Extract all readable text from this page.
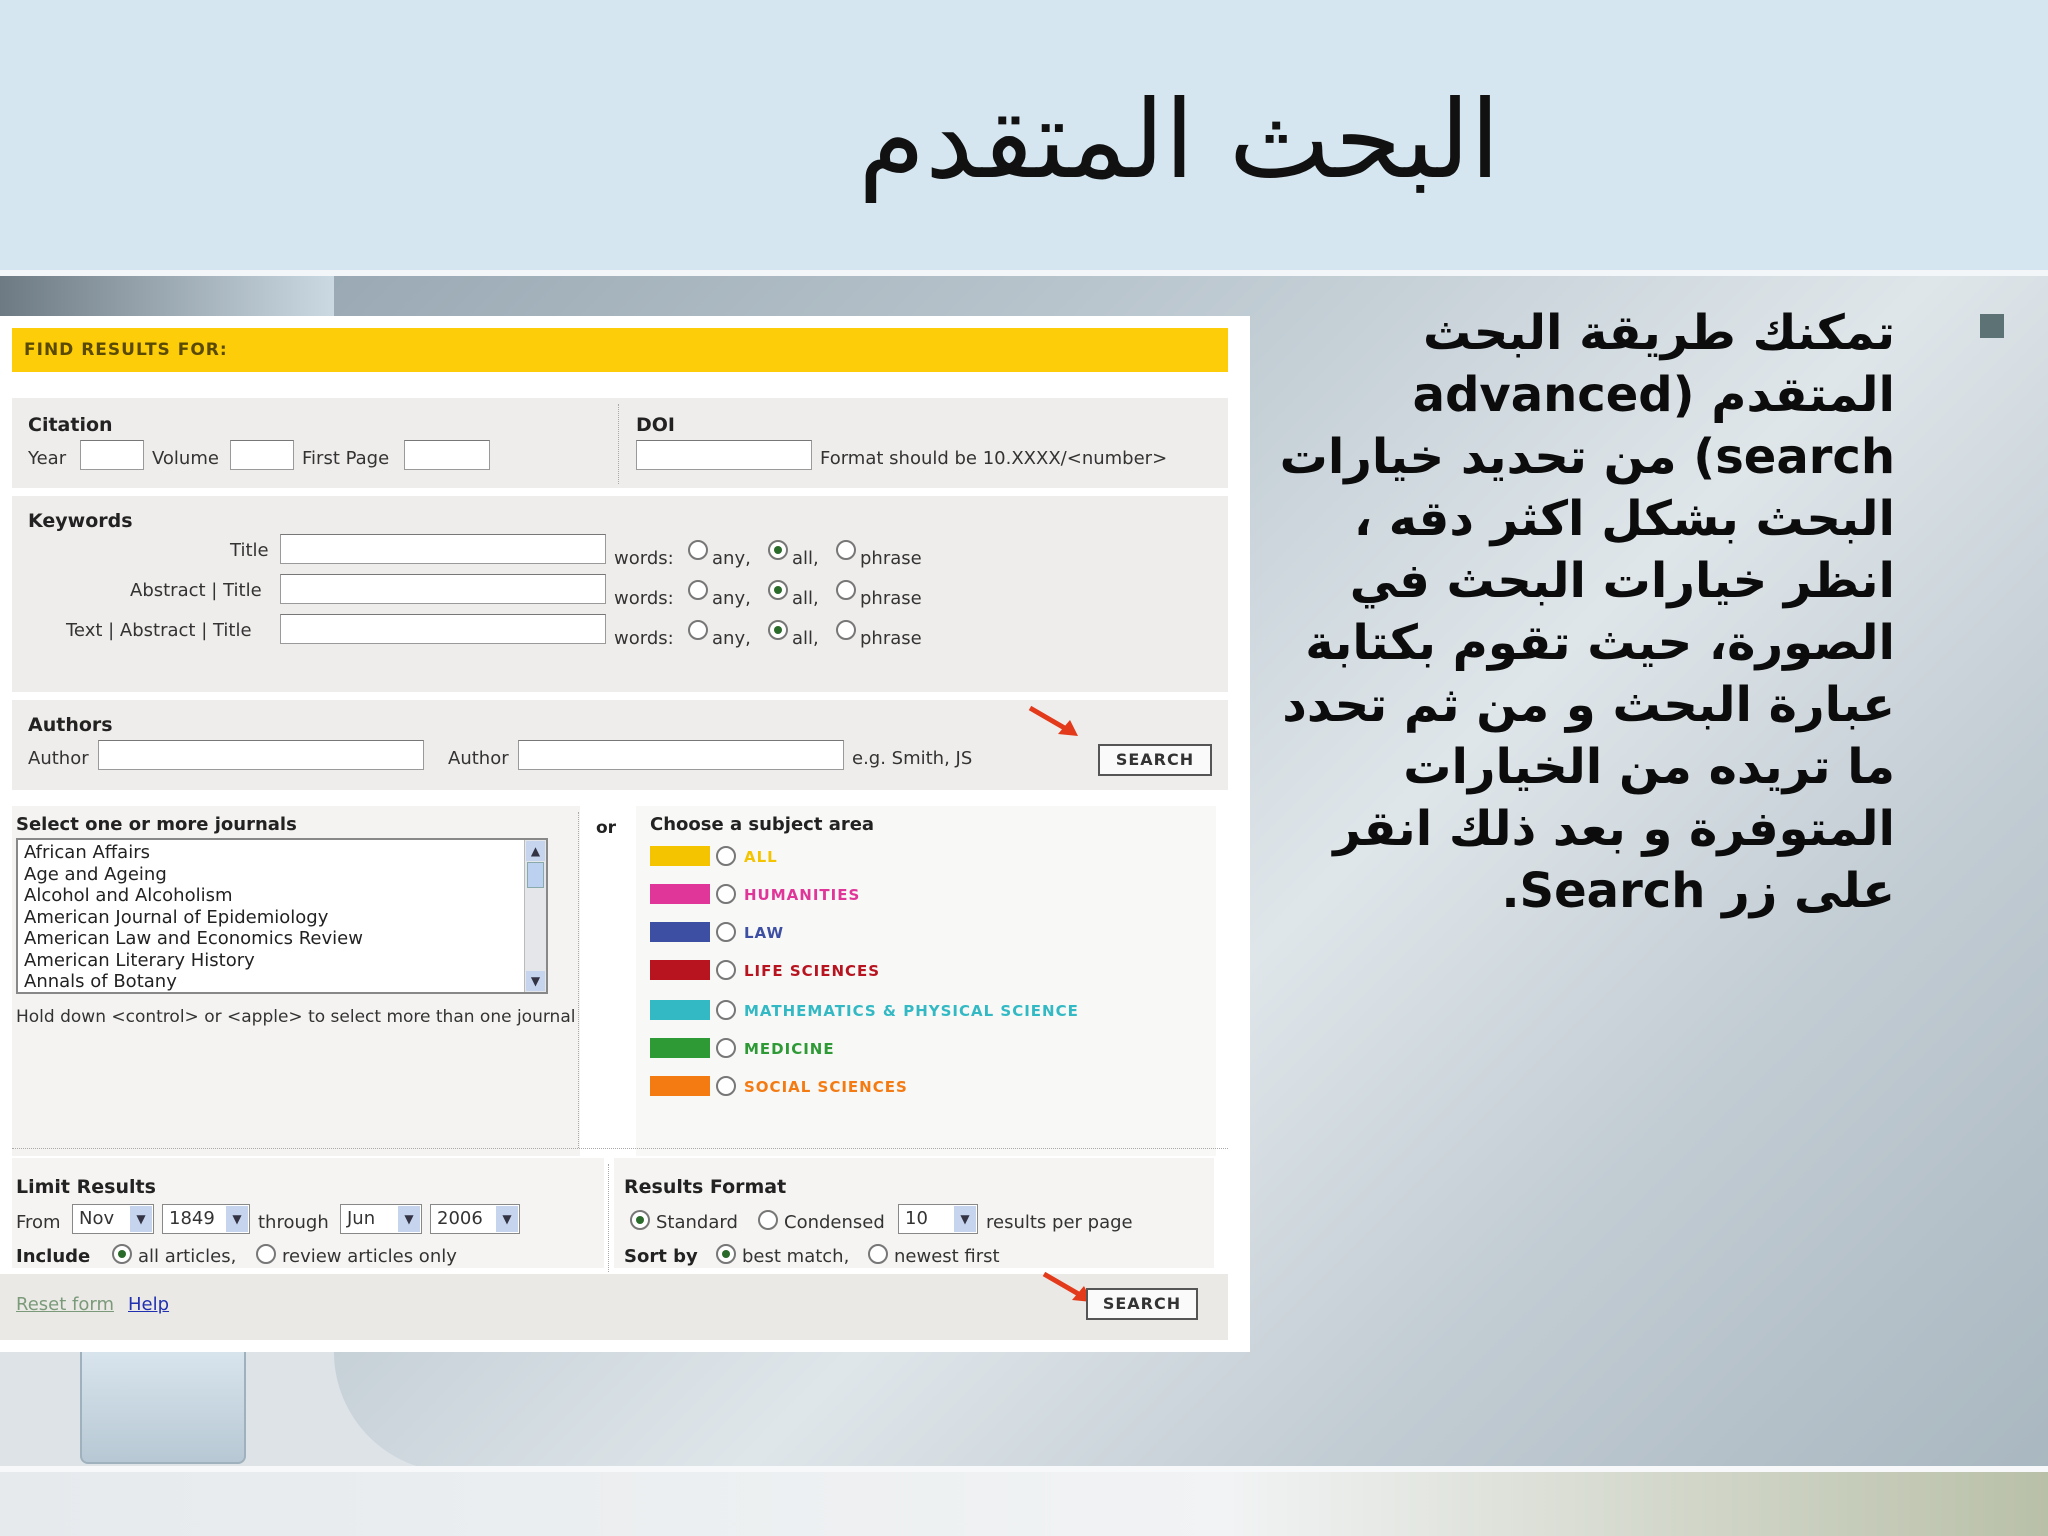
البحث المتقدم
تمكنك طريقة البحث المتقدم (advanced search) من تحديد خيارات البحث بشكل اكثر دقه ، انظر خيارات البحث في الصورة، حيث تقوم بكتابة عبارة البحث و من ثم تحدد ما تريده من الخيارات المتوفرة و بعد ذلك انقر على زر Search.
FIND RESULTS FOR:
Citation
Year	Volume	First Page
DOI
Format should be 10.XXXX/<number>
Keywords
Title	words: any, all, phrase
Abstract | Title	words: any, all, phrase
Text | Abstract | Title	words: any, all, phrase
Authors
Author	Author	e.g. Smith, JS	SEARCH
Select one or more journals
African Affairs
Age and Ageing
Alcohol and Alcoholism
American Journal of Epidemiology
American Law and Economics Review
American Literary History
Annals of Botany
▲
▼
Hold down <control> or <apple> to select more than one journal
or Choose a subject area
ALL
HUMANITIES
LAW
LIFE SCIENCES
MATHEMATICS & PHYSICAL SCIENCE
MEDICINE
SOCIAL SCIENCES
Limit Results
From	Nov	▼	1849	▼ through	Jun	▼	2006	▼
Include	all articles,	review articles only
Results Format
Standard	Condensed	10	▼ results per page
Sort by best match, newest first
Reset form Help	SEARCH
